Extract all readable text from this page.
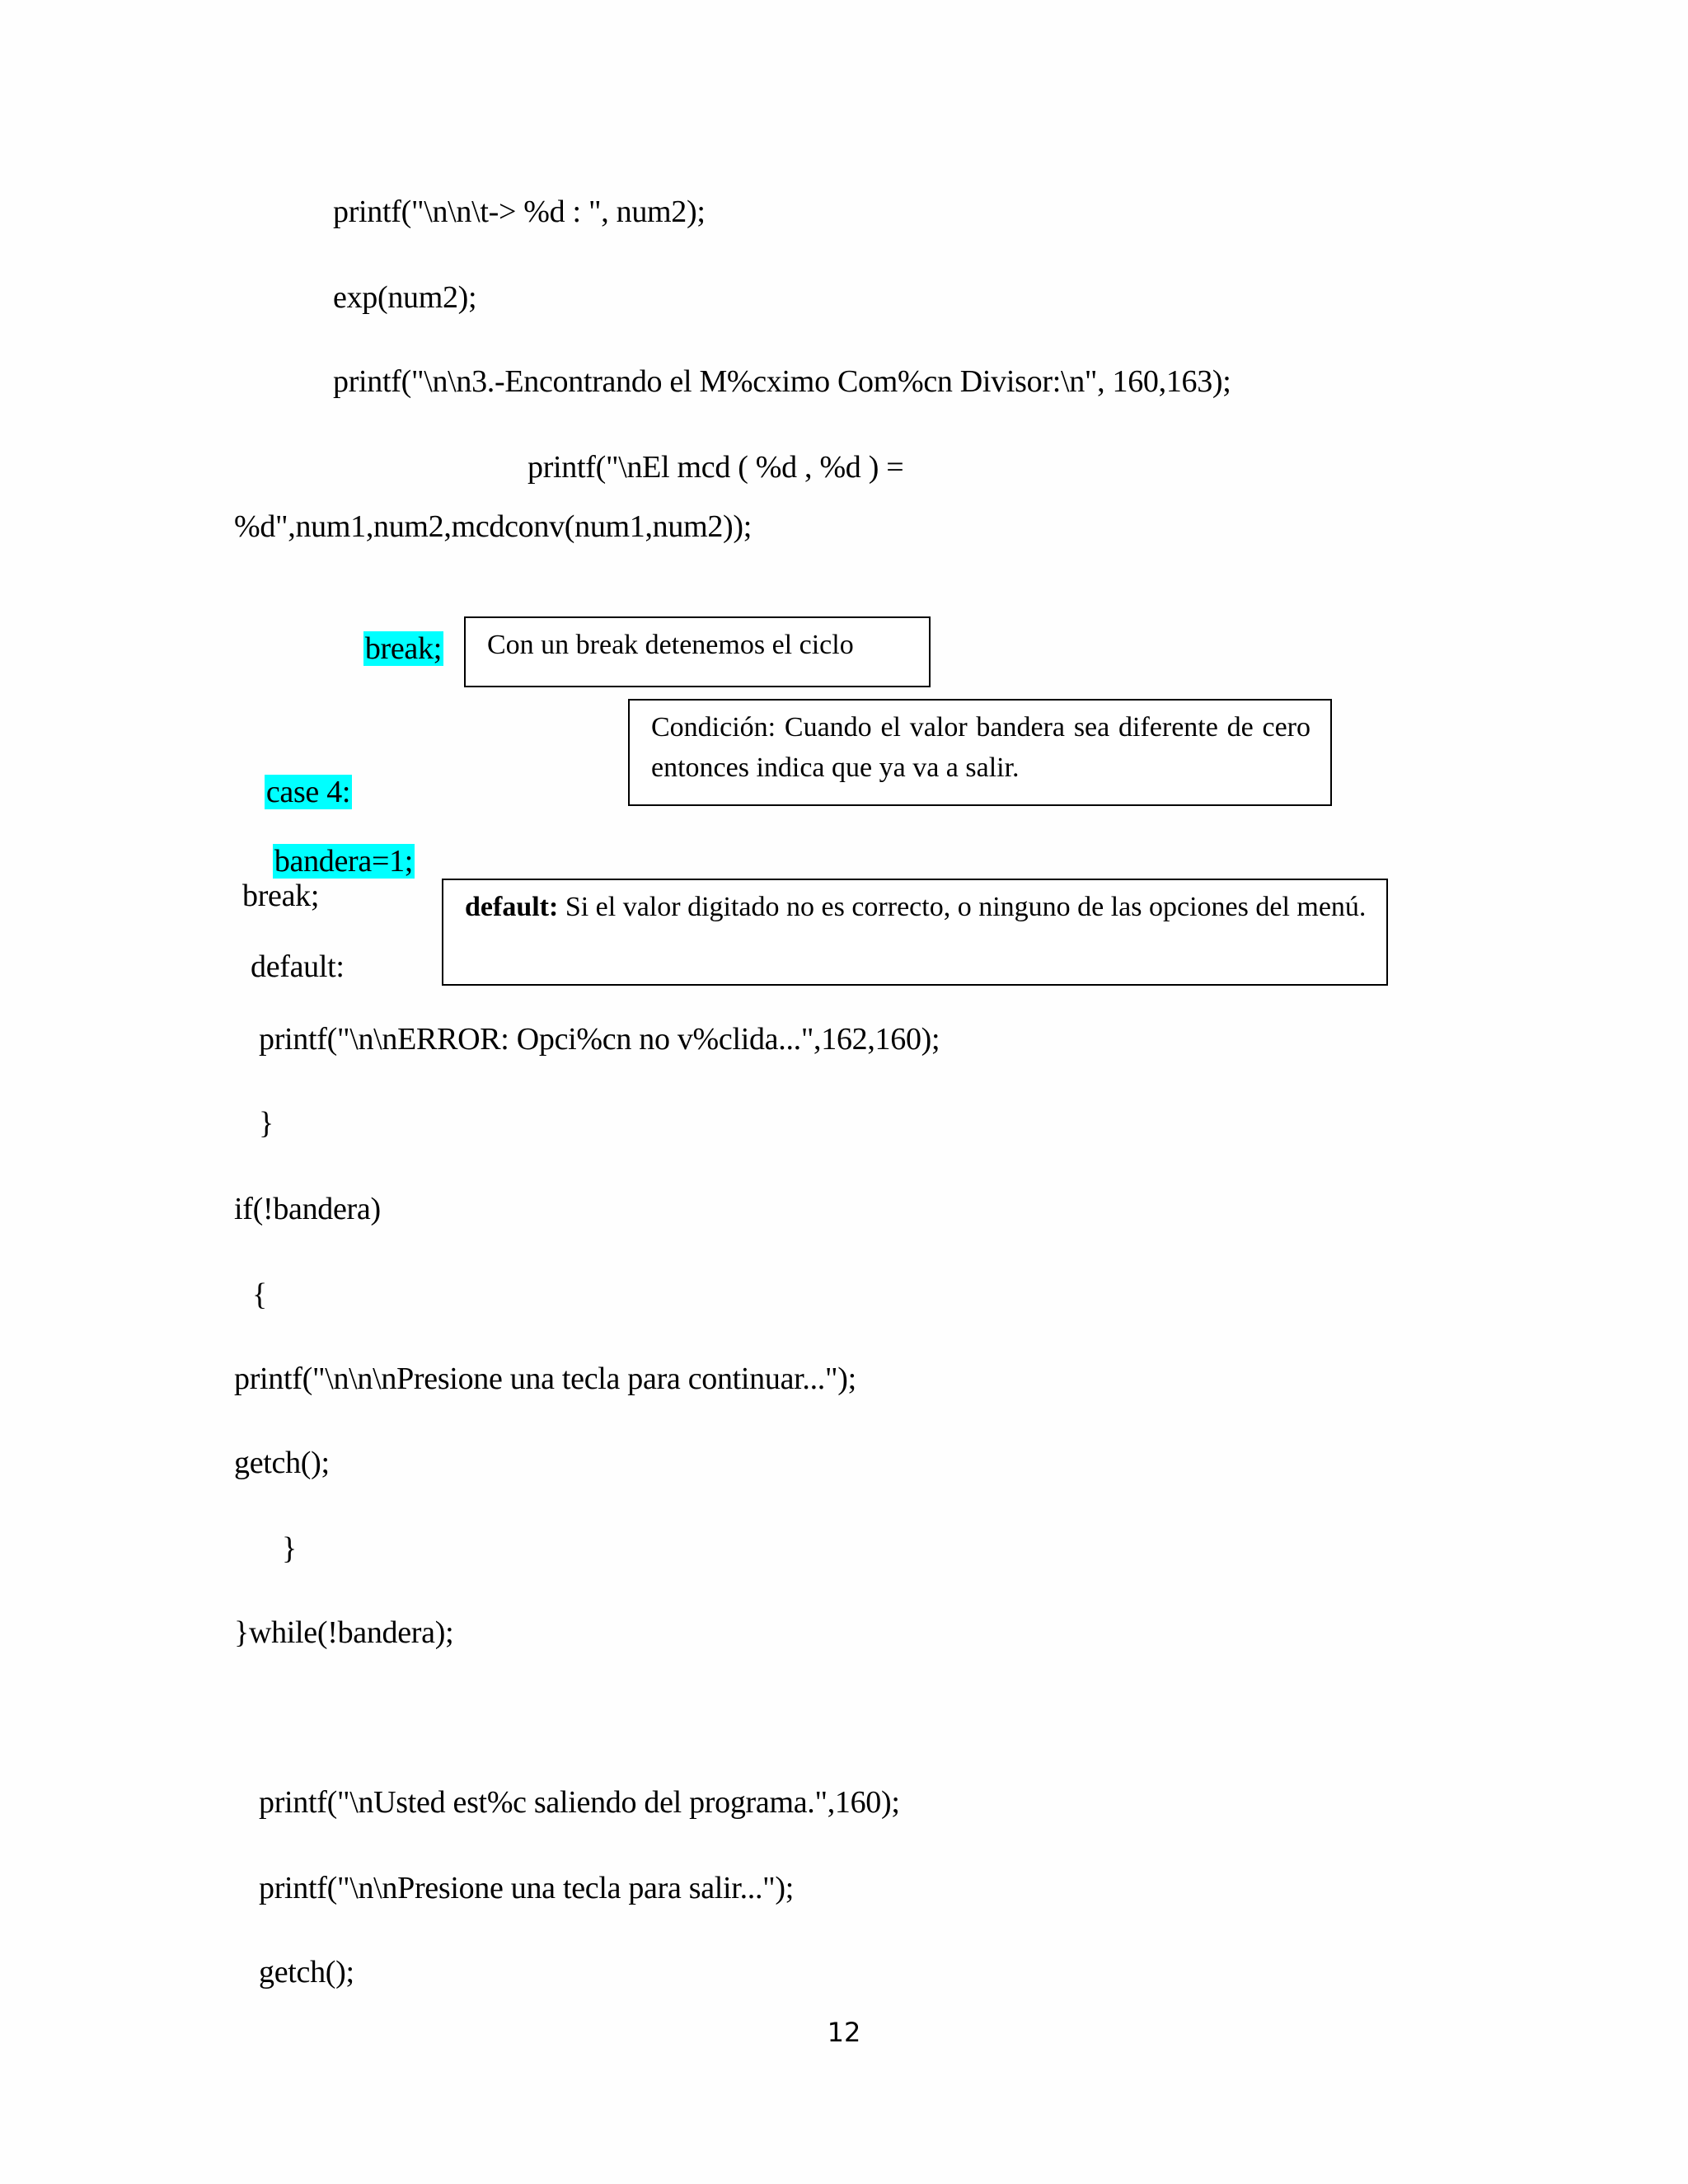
printf("\n\n\t-> %d : ", num2);
exp(num2);
printf("\n\n3.-Encontrando el M%cximo Com%cn Divisor:\n", 160,163);
printf("\nEl mcd ( %d , %d ) =
%d",num1,num2,mcdconv(num1,num2));

break;
	Con un break detenemos el ciclo

case 4:

Condición: Cuando el valor bandera sea diferente de cero entonces indica que ya va a salir.

bandera=1;

break;	default: Si el valor digitado no es correcto, o ninguno de las opciones del menú.
default:
printf("\n\nERROR: Opci%cn no v%clida...",162,160);
}
if(!bandera)
{
printf("\n\n\nPresione una tecla para continuar...");
getch();
}
}while(!bandera);
printf("\nUsted est%c saliendo del programa.",160);
printf("\n\nPresione una tecla para salir...");
getch();
12
